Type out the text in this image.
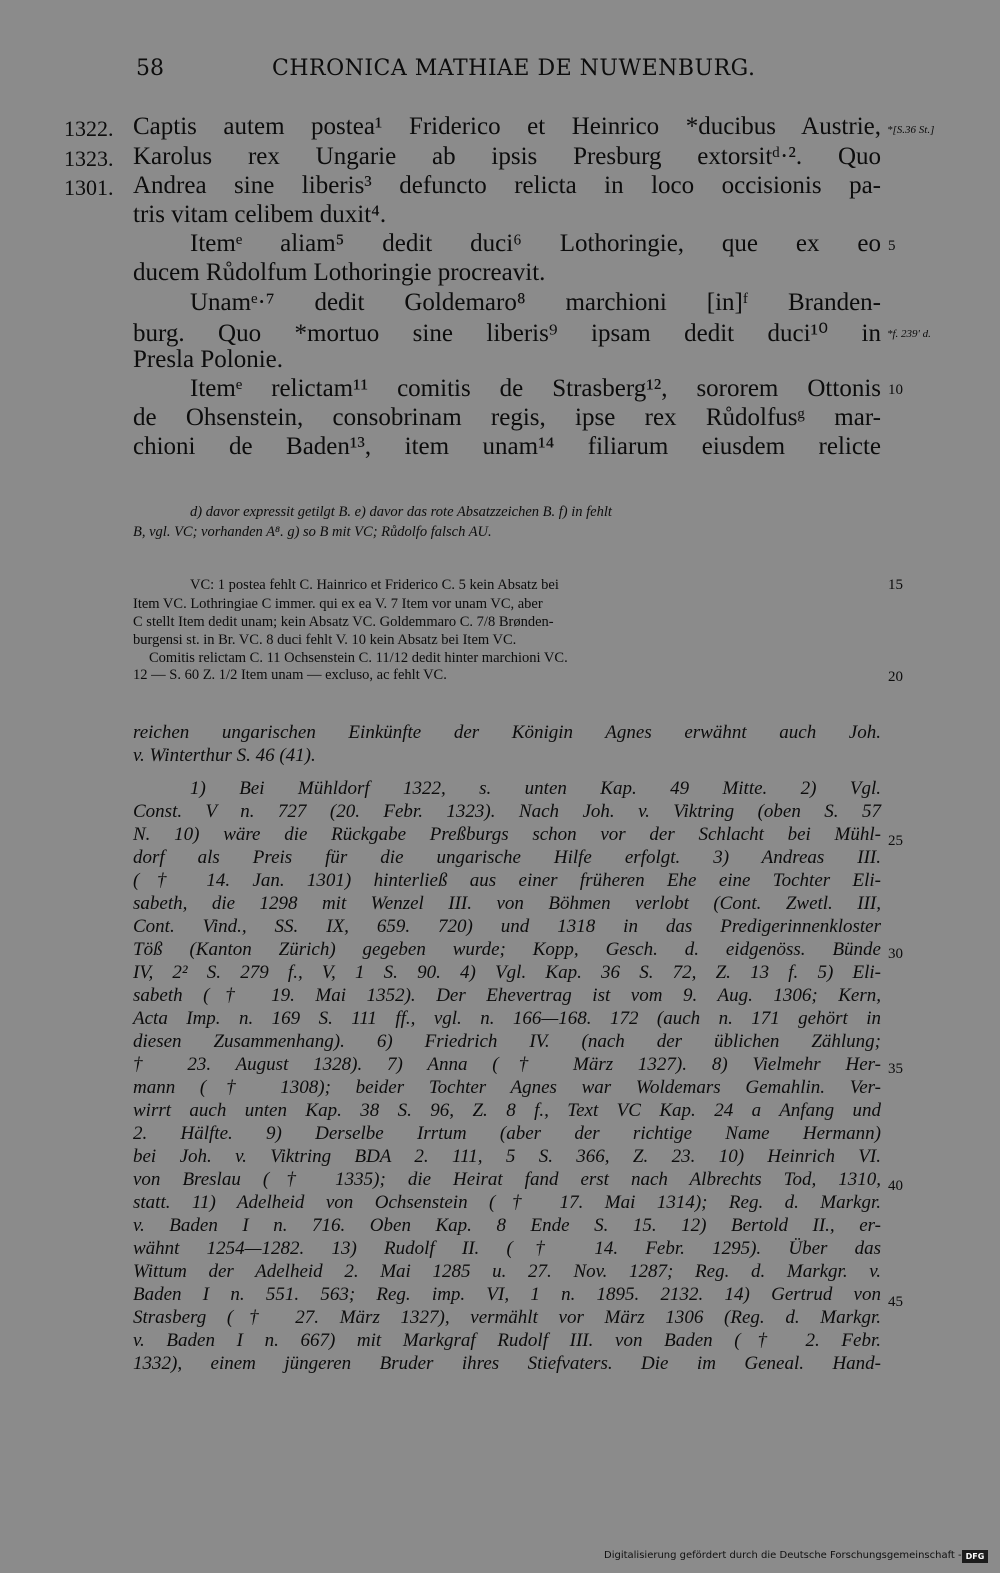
58	CHRONICA MATHIAE DE NUWENBURG.
1322.
1323.
1301.
Captis autem postea¹ Friderico et Heinrico *ducibus Austrie,
Karolus rex Ungarie ab ipsis Presburg extorsitᵈ·². Quo
Andrea sine liberis³ defuncto relicta in loco occisionis pa-
tris vitam celibem duxit⁴.
Itemᵉ aliam⁵ dedit duci⁶ Lothoringie, que ex eo
ducem Růdolfum Lothoringie procreavit.
Unamᵉ·⁷ dedit Goldemaro⁸ marchioni [in]ᶠ Branden-
burg. Quo *mortuo sine liberis⁹ ipsam dedit duci¹⁰ in
Presla Polonie.
Itemᵉ relictam¹¹ comitis de Strasberg¹², sororem Ottonis
de Ohsenstein, consobrinam regis, ipse rex Růdolfusᵍ mar-
chioni de Baden¹³, item unam¹⁴ filiarum eiusdem relicte
*[S.36 St.]
*f. 239' d.
5
10
15
20
25
30
35
40
45
d) davor expressit getilgt B. e) davor das rote Absatzzeichen B. f) in fehlt
B, vgl. VC; vorhanden A⁸. g) so B mit VC; Růdolfo falsch AU.
VC: 1 postea fehlt C. Hainrico et Friderico C. 5 kein Absatz bei
Item VC. Lothringiae C immer. qui ex ea V. 7 Item vor unam VC, aber
C stellt Item dedit unam; kein Absatz VC. Goldemmaro C. 7/8 Brønden-
burgensi st. in Br. VC. 8 duci fehlt V. 10 kein Absatz bei Item VC.
Comitis relictam C. 11 Ochsenstein C. 11/12 dedit hinter marchioni VC.
12 — S. 60 Z. 1/2 Item unam — excluso, ac fehlt VC.
reichen ungarischen Einkünfte der Königin Agnes erwähnt auch Joh.
v. Winterthur S. 46 (41).
1) Bei Mühldorf 1322, s. unten Kap. 49 Mitte. 2) Vgl.
Const. V n. 727 (20. Febr. 1323). Nach Joh. v. Viktring (oben S. 57
N. 10) wäre die Rückgabe Preßburgs schon vor der Schlacht bei Mühl-
dorf als Preis für die ungarische Hilfe erfolgt. 3) Andreas III.
(† 14. Jan. 1301) hinterließ aus einer früheren Ehe eine Tochter Eli-
sabeth, die 1298 mit Wenzel III. von Böhmen verlobt (Cont. Zwetl. III,
Cont. Vind., SS. IX, 659. 720) und 1318 in das Predigerinnenkloster
Töß (Kanton Zürich) gegeben wurde; Kopp, Gesch. d. eidgenöss. Bünde
IV, 2² S. 279 f., V, 1 S. 90. 4) Vgl. Kap. 36 S. 72, Z. 13 f. 5) Eli-
sabeth († 19. Mai 1352). Der Ehevertrag ist vom 9. Aug. 1306; Kern,
Acta Imp. n. 169 S. 111 ff., vgl. n. 166—168. 172 (auch n. 171 gehört in
diesen Zusammenhang). 6) Friedrich IV. (nach der üblichen Zählung;
† 23. August 1328). 7) Anna († März 1327). 8) Vielmehr Her-
mann († 1308); beider Tochter Agnes war Woldemars Gemahlin. Ver-
wirrt auch unten Kap. 38 S. 96, Z. 8 f., Text VC Kap. 24 a Anfang und
2. Hälfte. 9) Derselbe Irrtum (aber der richtige Name Hermann)
bei Joh. v. Viktring BDA 2. 111, 5 S. 366, Z. 23. 10) Heinrich VI.
von Breslau († 1335); die Heirat fand erst nach Albrechts Tod, 1310,
statt. 11) Adelheid von Ochsenstein († 17. Mai 1314); Reg. d. Markgr.
v. Baden I n. 716. Oben Kap. 8 Ende S. 15. 12) Bertold II., er-
wähnt 1254—1282. 13) Rudolf II. († 14. Febr. 1295). Über das
Wittum der Adelheid 2. Mai 1285 u. 27. Nov. 1287; Reg. d. Markgr. v.
Baden I n. 551. 563; Reg. imp. VI, 1 n. 1895. 2132. 14) Gertrud von
Strasberg († 27. März 1327), vermählt vor März 1306 (Reg. d. Markgr.
v. Baden I n. 667) mit Markgraf Rudolf III. von Baden († 2. Febr.
1332), einem jüngeren Bruder ihres Stiefvaters. Die im Geneal. Hand-
Digitalisierung gefördert durch die Deutsche Forschungsgemeinschaft - DFG
